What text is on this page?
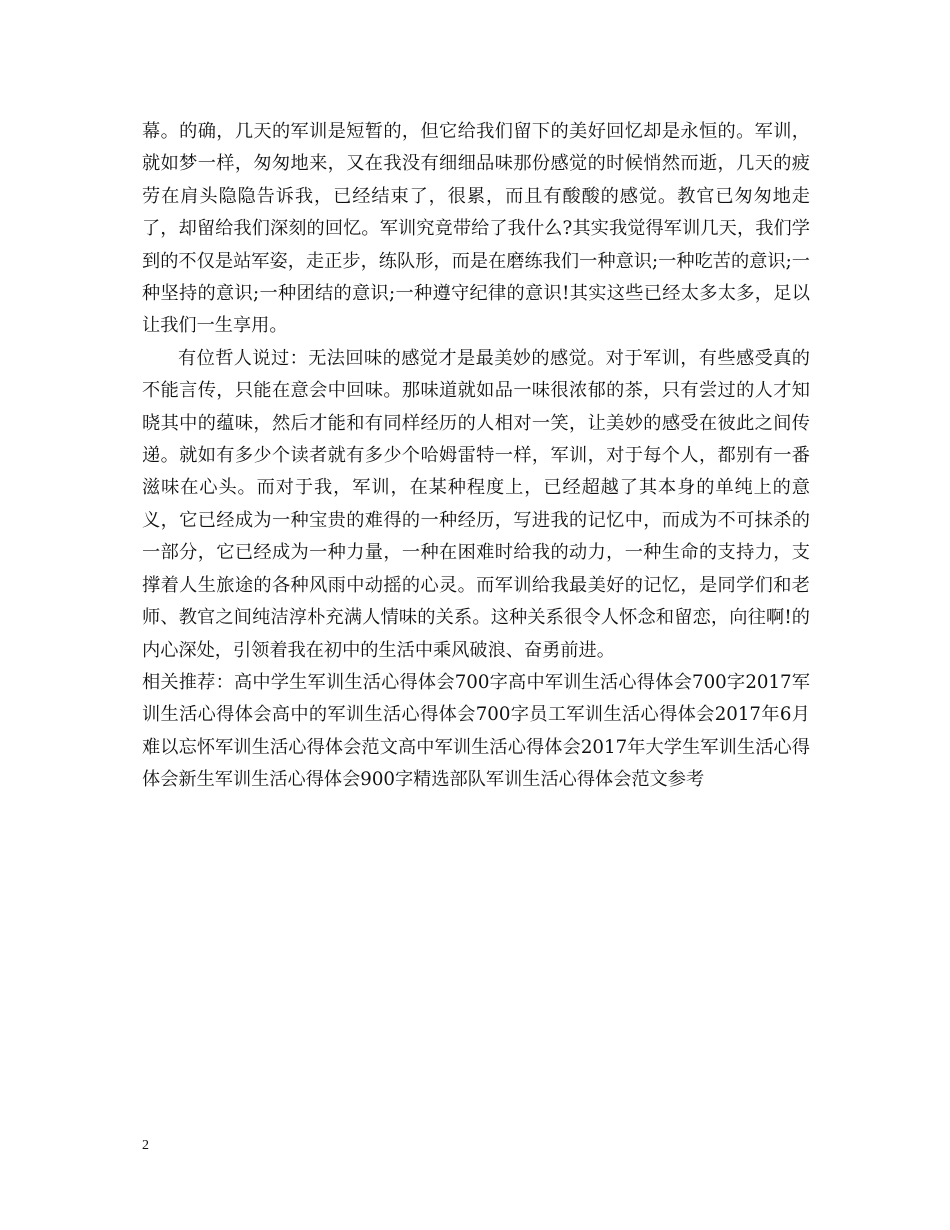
幕。的确，几天的军训是短暂的，但它给我们留下的美好回忆却是永恒的。军训，就如梦一样，匆匆地来，又在我没有细细品味那份感觉的时候悄然而逝，几天的疲劳在肩头隐隐告诉我，已经结束了，很累，而且有酸酸的感觉。教官已匆匆地走了，却留给我们深刻的回忆。军训究竟带给了我什么?其实我觉得军训几天，我们学到的不仅是站军姿，走正步，练队形，而是在磨练我们一种意识;一种吃苦的意识;一种坚持的意识;一种团结的意识;一种遵守纪律的意识!其实这些已经太多太多，足以让我们一生享用。

有位哲人说过：无法回味的感觉才是最美妙的感觉。对于军训，有些感受真的不能言传，只能在意会中回味。那味道就如品一味很浓郁的茶，只有尝过的人才知晓其中的蕴味，然后才能和有同样经历的人相对一笑，让美妙的感受在彼此之间传递。就如有多少个读者就有多少个哈姆雷特一样，军训，对于每个人，都别有一番滋味在心头。而对于我，军训，在某种程度上，已经超越了其本身的单纯上的意义，它已经成为一种宝贵的难得的一种经历，写进我的记忆中，而成为不可抹杀的一部分，它已经成为一种力量，一种在困难时给我的动力，一种生命的支持力，支撑着人生旅途的各种风雨中动摇的心灵。而军训给我最美好的记忆，是同学们和老师、教官之间纯洁淳朴充满人情味的关系。这种关系很令人怀念和留恋，向往啊!的内心深处，引领着我在初中的生活中乘风破浪、奋勇前进。

相关推荐：高中学生军训生活心得体会700字高中军训生活心得体会700字2017军训生活心得体会高中的军训生活心得体会700字员工军训生活心得体会2017年6月难以忘怀军训生活心得体会范文高中军训生活心得体会2017年大学生军训生活心得体会新生军训生活心得体会900字精选部队军训生活心得体会范文参考

2
